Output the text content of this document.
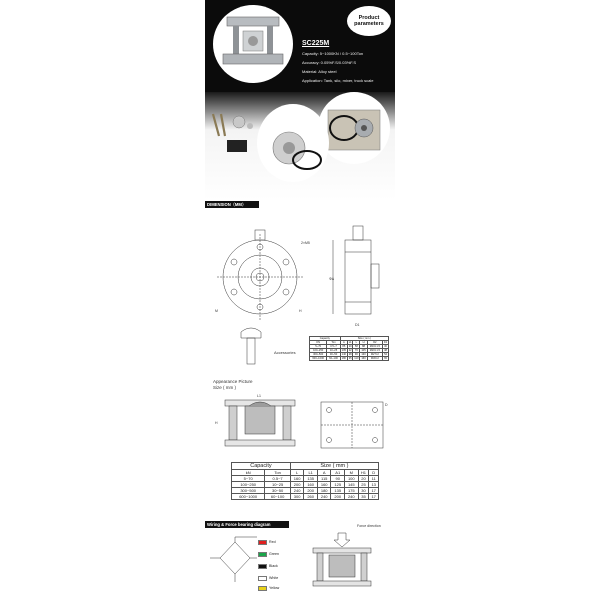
Product parameters
SC225M
Capacity: 5~1000KN / 0.5~100Ton
Accuracy: 0.05%F.S/0.03%F.S
Material: Alloy steel
Application: Tank, silo, mixer, truck scale
DIMENSION（MM）
2×M5
ΦA
M	H
D1
Accessories
Capacity		Size ( mm )					
KN	Ton	A	L1	L	H	D2	D1
5~70	0.5~7	85	19	58	88	M16×1.5	30
100~250	10~25	105	22	76	105	M20×1.5	38
300~500	30~50	140	28	90	130	M27×2	54
600~1000	60~100	180	35	110	160	M30×2	65
Appearance Picture
Size ( mm )
L1
H
D
Capacity		Size ( mm )						
kN	Ton	L	L1	A	A1	M	H1	D
5~70	0.5~7	160	135	115	90	100	20	11
100~250	10~25	200	160	160	125	145	25	13
300~500	30~50	240	200	180	135	175	30	17
600~1000	60~100	300	260	240	200	240	35	17
Wiring & Force bearing diagram
Red
Green
Black
White
Yellow
Force direction
